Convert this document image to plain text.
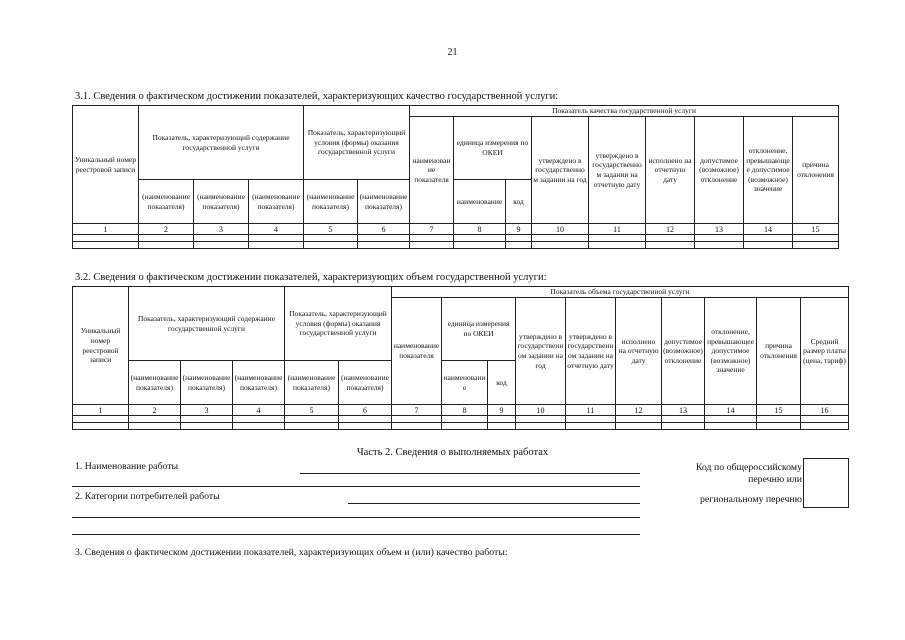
21
3.1. Сведения о фактическом достижении показателей, характеризующих качество государственной услуги:
Уникальный номер реестровой записи	Показатель, характеризующий содержание государственной услуги			Показатель, характеризующий условия (формы) оказания государственной услуги		Показатель качества государственной услуги								
						наименование показателя	единица измерения по ОКЕИ		утверждено в государственном задании на год	утверждено в государственном задании на отчетную дату	исполнено на отчетную дату	допустимое (возможное) отклонение	отклонение, превышающее допустимое (возможное) значение	причина отклонения
	(наименование показателя)	(наименование показателя)	(наименование показателя)	(наименование показателя)	(наименование показателя)		наименование	код						
1	2	3	4	5	6	7	8	9	10	11	12	13	14	15

3.2. Сведения о фактическом достижении показателей, характеризующих объем государственной услуги:
Уникальный номер реестровой записи	Показатель, характеризующий содержание государственной услуги			Показатель, характеризующий условия (формы) оказания государственной услуги		Показатель объема государственной услуги									
						наименование показателя	единица измерения по ОКЕИ		утверждено в государственном задании на год	утверждено в государственном задании на отчетную дату	исполнено на отчетную дату	допустимое (возможное) отклонение	отклонение, превышающее допустимое (возможное) значение	причина отклонения	Средний размер платы (цена, тариф)
	(наименование показателя)	(наименование показателя)	(наименование показателя)	(наименование показателя)	(наименование показателя)		наименование	код							
1	2	3	4	5	6	7	8	9	10	11	12	13	14	15	16

Часть 2. Сведения о выполняемых работах
1. Наименование работы
2. Категории потребителей работы
Код по общероссийскому
перечню или
региональному перечню
3. Сведения о фактическом достижении показателей, характеризующих объем и (или) качество работы:
